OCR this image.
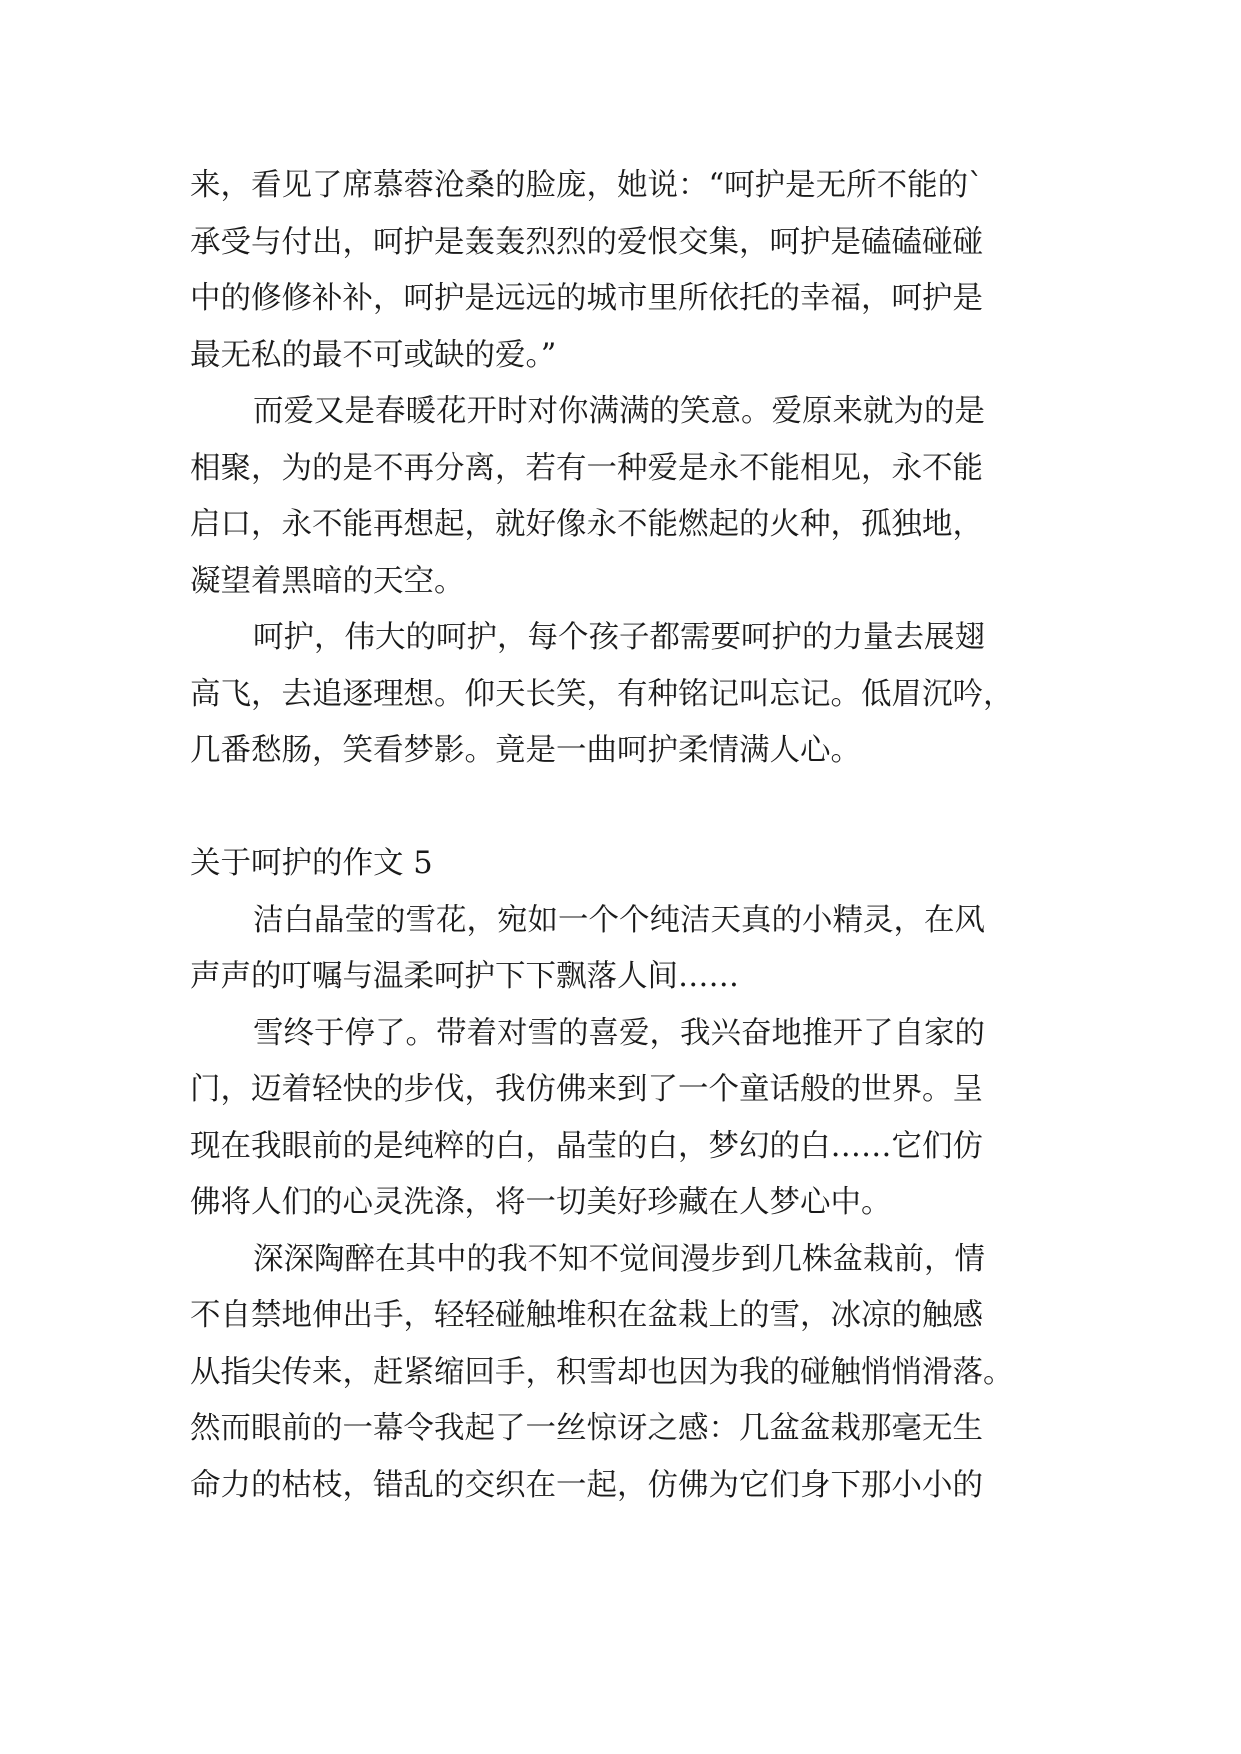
来，看见了席慕蓉沧桑的脸庞，她说：“呵护是无所不能的`
承受与付出，呵护是轰轰烈烈的爱恨交集，呵护是磕磕碰碰
中的修修补补，呵护是远远的城市里所依托的幸福，呵护是
最无私的最不可或缺的爱。”
而爱又是春暖花开时对你满满的笑意。爱原来就为的是
相聚，为的是不再分离，若有一种爱是永不能相见，永不能
启口，永不能再想起，就好像永不能燃起的火种，孤独地，
凝望着黑暗的天空。
呵护，伟大的呵护，每个孩子都需要呵护的力量去展翅
高飞，去追逐理想。仰天长笑，有种铭记叫忘记。低眉沉吟，
几番愁肠，笑看梦影。竟是一曲呵护柔情满人心。
关于呵护的作文 5
洁白晶莹的雪花，宛如一个个纯洁天真的小精灵，在风
声声的叮嘱与温柔呵护下下飘落人间……
雪终于停了。带着对雪的喜爱，我兴奋地推开了自家的
门，迈着轻快的步伐，我仿佛来到了一个童话般的世界。呈
现在我眼前的是纯粹的白，晶莹的白，梦幻的白……它们仿
佛将人们的心灵洗涤，将一切美好珍藏在人梦心中。
深深陶醉在其中的我不知不觉间漫步到几株盆栽前，情
不自禁地伸出手，轻轻碰触堆积在盆栽上的雪，冰凉的触感
从指尖传来，赶紧缩回手，积雪却也因为我的碰触悄悄滑落。
然而眼前的一幕令我起了一丝惊讶之感：几盆盆栽那毫无生
命力的枯枝，错乱的交织在一起，仿佛为它们身下那小小的
